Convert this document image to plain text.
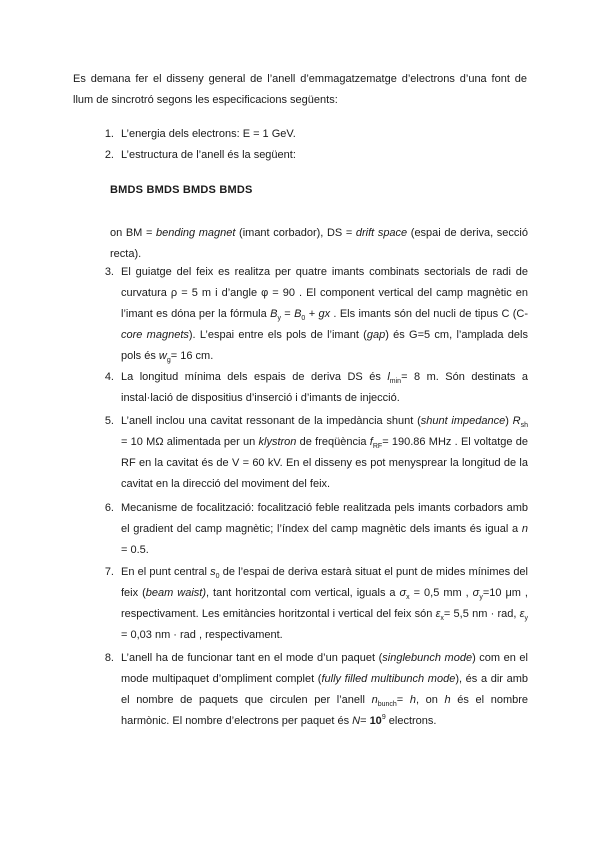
Es demana fer el disseny general de l’anell d’emmagatzematge d’electrons d’una font de llum de sincrotró segons les especificacions següents:

1. L’energia dels electrons: E = 1 GeV.
2. L’estructura de l’anell és la següent:
BMDS BMDS BMDS BMDS

on BM = bending magnet (imant corbador), DS = drift space (espai de deriva, secció recta).

3. El guiatge del feix es realitza per quatre imants combinats sectorials de radi de curvatura ρ = 5 m i d’angle φ = 90 . El component vertical del camp magnètic en l’imant es dóna per la fórmula $B_y = B_0$ + gx . Els imants són del nucli de tipus C (C-core magnets). L’espai entre els pols de l’imant (gap) és G=5 cm, l’amplada dels pols és $w_g= 16$ cm.

4. La longitud mínima dels espais de deriva DS és $l_{min}= 8$ m. Són destinats a instal·lació de dispositius d’inserció i d’imants de injecció.

5. L’anell inclou una cavitat ressonant de la impedància shunt (shunt impedance) $R_{sh} = 10$ MΩ alimentada per un klystron de freqüència $f_{RF}= 190.86$ MHz . El voltatge de RF en la cavitat és de V = 60 kV. En el disseny es pot menysprear la longitud de la cavitat en la direcció del moviment del feix.

6. Mecanisme de focalització: focalització feble realitzada pels imants corbadors amb el gradient del camp magnètic; l’índex del camp magnètic dels imants és igual a n = 0.5.

7. En el punt central $s_0$ de l’espai de deriva estarà situat el punt de mides mínimes del feix (beam waist), tant horitzontal com vertical, iguals a $\sigma_x = 0,5$ mm , $\sigma_y=10$ μm , respectivament. Les emitàncies horitzontal i vertical del feix són $\varepsilon_x= 5,5$ nm · rad, $\varepsilon_y = 0,03$ nm · rad , respectivament.

8. L’anell ha de funcionar tant en el mode d’un paquet (singlebunch mode) com en el mode multipaquet d’ompliment complet (fully filled multibunch mode), és a dir amb el nombre de paquets que circulen per l’anell $n_{bunch}= h$, on h és el nombre harmònic. El nombre d’electrons per paquet és $N= 10^9$ electrons.
